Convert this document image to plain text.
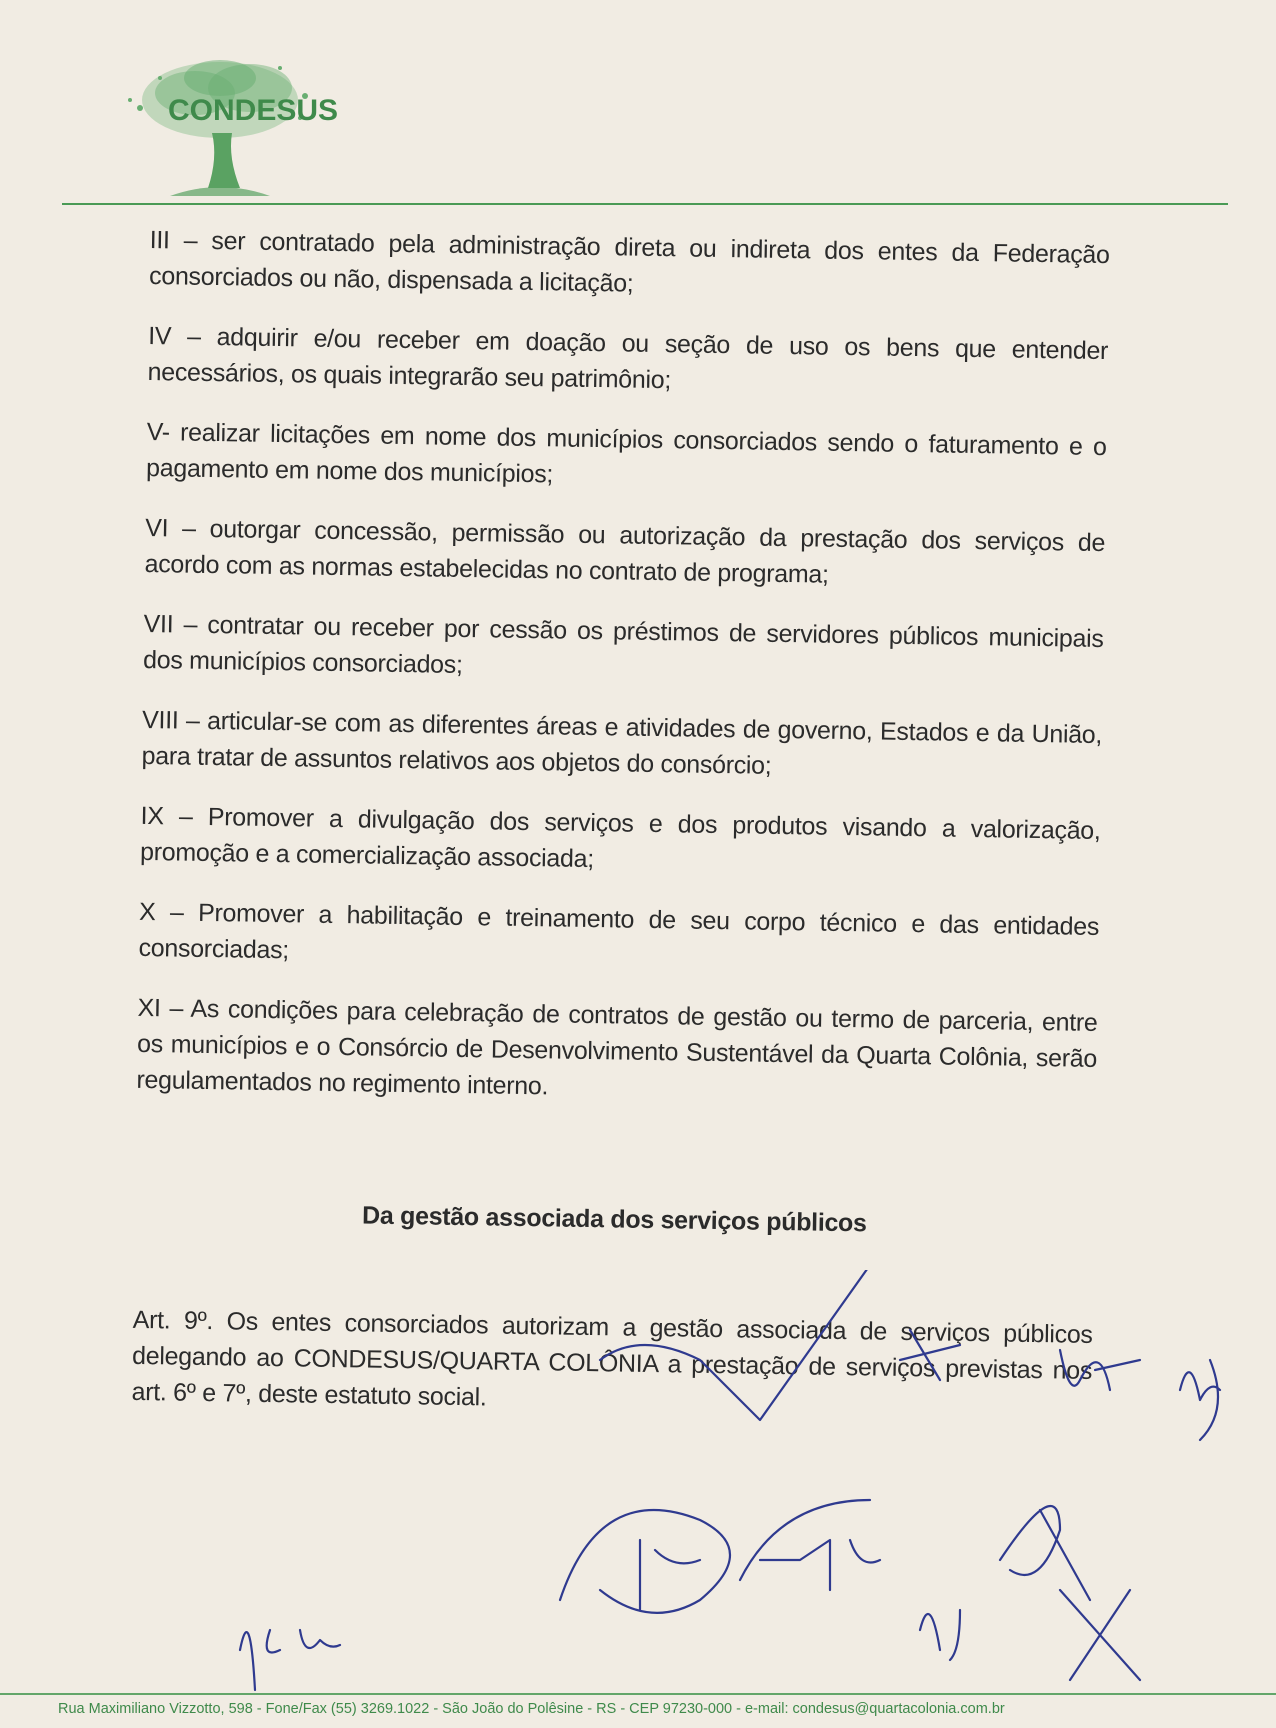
CONDESUS

III – ser contratado pela administração direta ou indireta dos entes da Federação consorciados ou não, dispensada a licitação;

IV – adquirir e/ou receber em doação ou seção de uso os bens que entender necessários, os quais integrarão seu patrimônio;

V- realizar licitações em nome dos municípios consorciados sendo o faturamento e o pagamento em nome dos municípios;

VI – outorgar concessão, permissão ou autorização da prestação dos serviços de acordo com as normas estabelecidas no contrato de programa;

VII – contratar ou receber por cessão os préstimos de servidores públicos municipais dos municípios consorciados;

VIII – articular-se com as diferentes áreas e atividades de governo, Estados e da União, para tratar de assuntos relativos aos objetos do consórcio;

IX – Promover a divulgação dos serviços e dos produtos visando a valorização, promoção e a comercialização associada;

X – Promover a habilitação e treinamento de seu corpo técnico e das entidades consorciadas;

XI – As condições para celebração de contratos de gestão ou termo de parceria, entre os municípios e o Consórcio de Desenvolvimento Sustentável da Quarta Colônia, serão regulamentados no regimento interno.

Da gestão associada dos serviços públicos

Art. 9º. Os entes consorciados autorizam a gestão associada de serviços públicos delegando ao CONDESUS/QUARTA COLÔNIA a prestação de serviços previstas nos art. 6º e 7º, deste estatuto social.

Rua Maximiliano Vizzotto, 598 - Fone/Fax (55) 3269.1022 - São João do Polêsine - RS - CEP 97230-000 - e-mail: condesus@quartacolonia.com.br
